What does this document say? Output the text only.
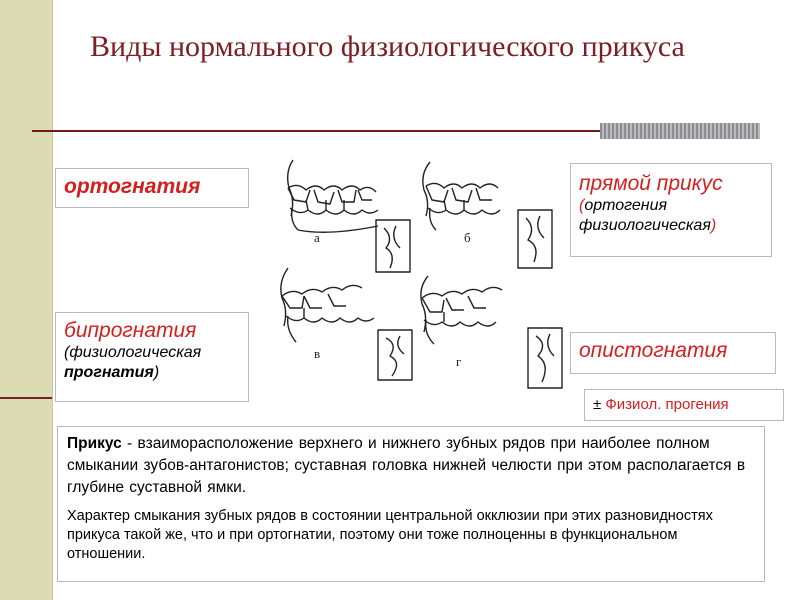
Виды нормального физиологического прикуса
ортогнатия	прямой прикус
(ортогения физиологическая)
бипрогнатия
(физиологическая
прогнатия)
опистогнатия
± Физиол. прогения
а	б
в
г

Прикус - взаиморасположение верхнего и нижнего зубных рядов при наиболее полном смыкании зубов-антагонистов; суставная головка нижней челюсти при этом располагается в глубине суставной ямки.

Характер смыкания зубных рядов в состоянии центральной окклюзии при этих разновидностях прикуса такой же, что и при ортогнатии, поэтому они тоже полноценны в функциональном отношении.
